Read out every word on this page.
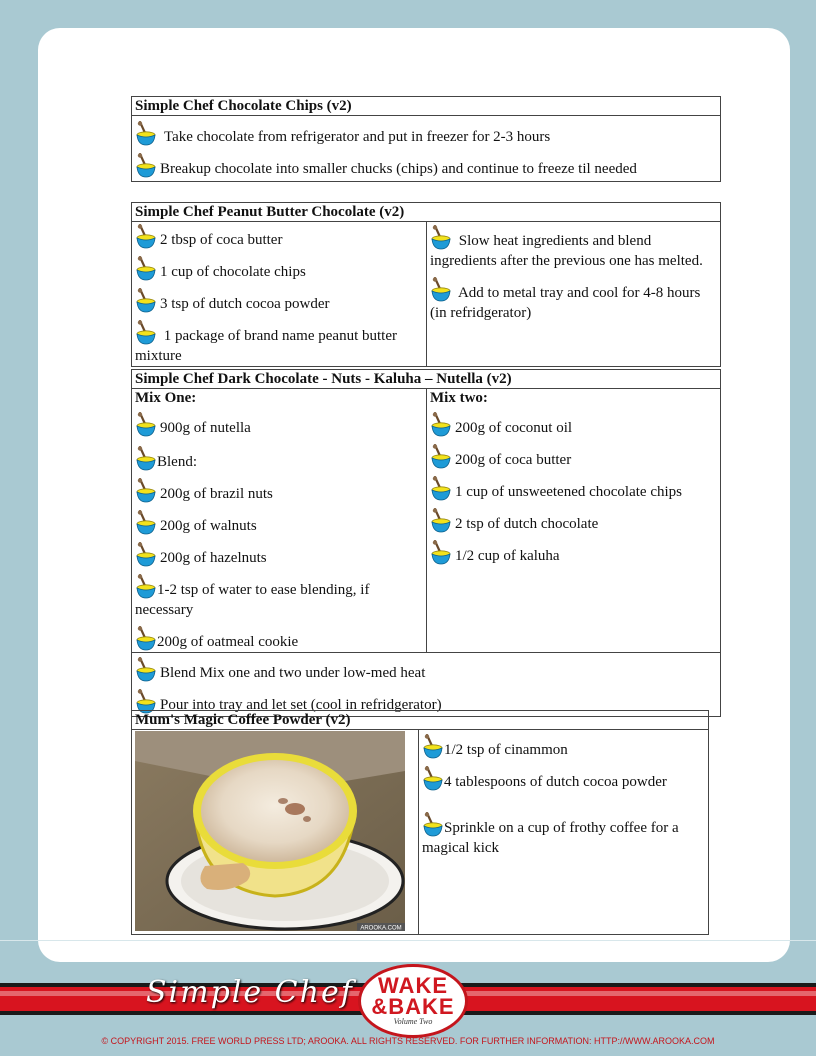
Simple Chef Chocolate Chips (v2)

Take chocolate from refrigerator and put in freezer for 2-3 hours
Breakup chocolate into smaller chucks (chips) and continue to freeze til needed
Simple Chef Peanut Butter Chocolate (v2)

2 tbsp of coca butter
1 cup of chocolate chips
3 tsp of dutch cocoa powder
1 package of brand name peanut butter mixture

Slow heat ingredients and blend ingredients after the previous one has melted.
Add to metal tray and cool for 4-8 hours (in refridgerator)
Simple Chef Dark Chocolate - Nuts - Kaluha – Nutella (v2)

Mix One:
900g of nutella
Blend:
200g of brazil nuts
200g of walnuts
200g of hazelnuts
1-2 tsp of water to ease blending, if necessary
200g of oatmeal cookie

Mix two:
200g of coconut oil
200g of coca butter
1 cup of unsweetened chocolate chips
2 tsp of dutch chocolate
1/2 cup of kaluha

Blend Mix one and two under low-med heat
Pour into tray and let set (cool in refridgerator)
Mum's Magic Coffee Powder (v2)

AROOKA.COM

1/2 tsp of cinammon
4 tablespoons of dutch cocoa powder
Sprinkle on a cup of frothy coffee for a magical kick
Simple Chef	WAKE
&BAKE
Volume Two
© COPYRIGHT 2015. FREE WORLD PRESS LTD; AROOKA. ALL RIGHTS RESERVED. FOR FURTHER INFORMATION: HTTP://WWW.AROOKA.COM
